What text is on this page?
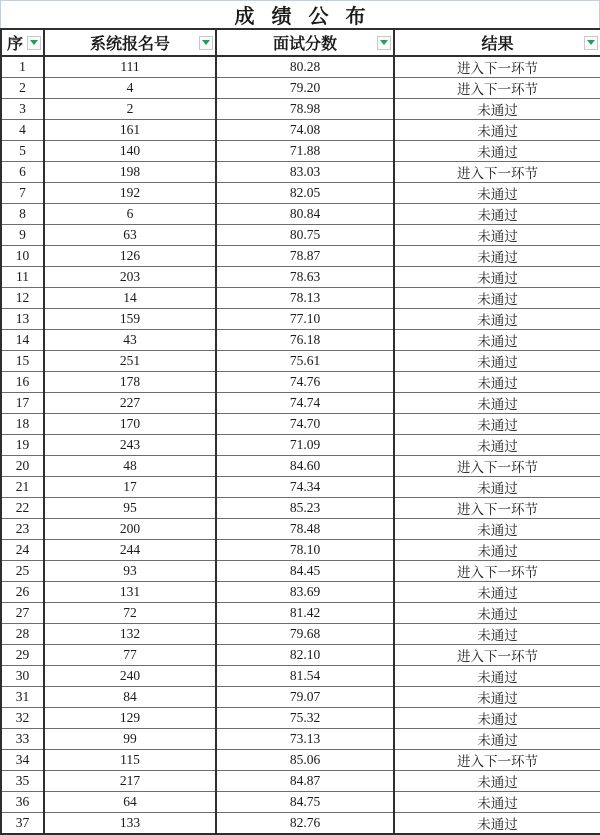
成 绩 公 布
序	系统报名号	面试分数	结果

1	111	80.28	进入下一环节
2	4	79.20	进入下一环节
3	2	78.98	未通过
4	161	74.08	未通过
5	140	71.88	未通过
6	198	83.03	进入下一环节
7	192	82.05	未通过
8	6	80.84	未通过
9	63	80.75	未通过
10	126	78.87	未通过
11	203	78.63	未通过
12	14	78.13	未通过
13	159	77.10	未通过
14	43	76.18	未通过
15	251	75.61	未通过
16	178	74.76	未通过
17	227	74.74	未通过
18	170	74.70	未通过
19	243	71.09	未通过
20	48	84.60	进入下一环节
21	17	74.34	未通过
22	95	85.23	进入下一环节
23	200	78.48	未通过
24	244	78.10	未通过
25	93	84.45	进入下一环节
26	131	83.69	未通过
27	72	81.42	未通过
28	132	79.68	未通过
29	77	82.10	进入下一环节
30	240	81.54	未通过
31	84	79.07	未通过
32	129	75.32	未通过
33	99	73.13	未通过
34	115	85.06	进入下一环节
35	217	84.87	未通过
36	64	84.75	未通过
37	133	82.76	未通过
